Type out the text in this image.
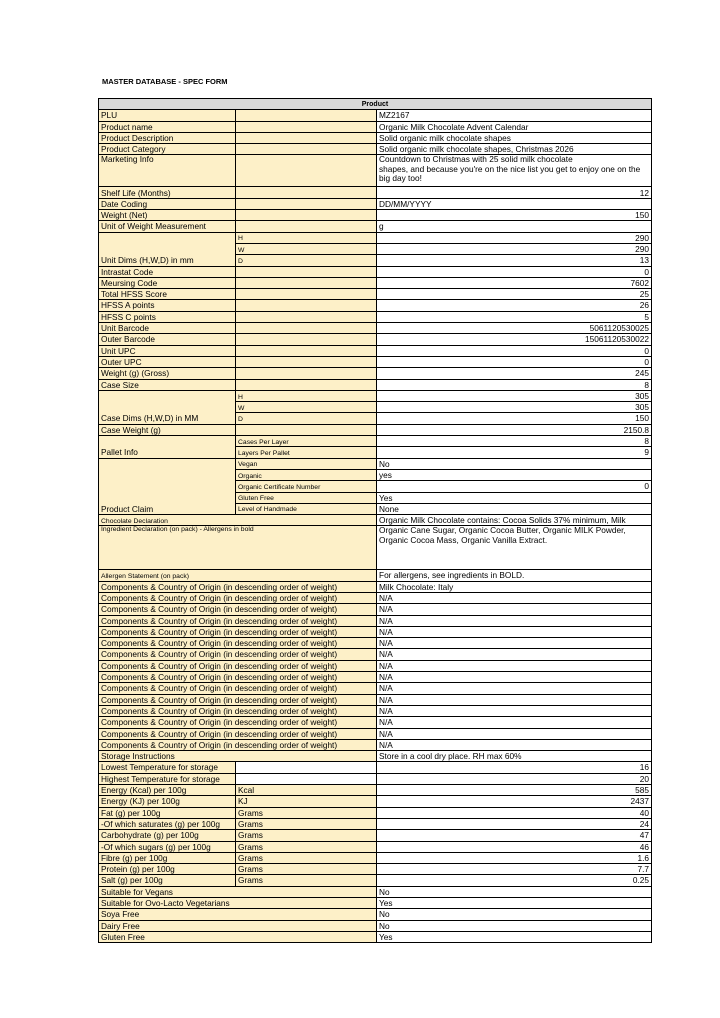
MASTER DATABASE - SPEC FORM
Product		
PLU		MZ2167
Product name		Organic Milk Chocolate Advent Calendar
Product Description		Solid organic milk chocolate shapes
Product Category		Solid organic milk chocolate shapes, Christmas 2026
Marketing Info		Countdown to Christmas with 25 solid milk chocolate
shapes, and because you're on the nice list you get to enjoy one on the
big day too!

Shelf Life (Months)		12
Date Coding		DD/MM/YYYY
Weight (Net)		150
Unit of Weight Measurement		g
Unit Dims (H,W,D) in mm	H	290
	W	290
	D	13
Intrastat Code		0
Meursing Code		7602
Total HFSS Score		25
HFSS A points		26
HFSS C points		5
Unit Barcode		5061120530025
Outer Barcode		15061120530022
Unit UPC		0
Outer UPC		0
Weight (g) (Gross)		245
Case Size		8
Case Dims (H,W,D) in MM	H	305
	W	305
	D	150
Case Weight (g)		2150.8
Pallet Info	Cases Per Layer	8
	Layers Per Pallet	9
Product Claim	Vegan	No
	Organic	yes
	Organic Certificate Number	0
	Gluten Free	Yes
	Level of Handmade	None
Chocolate Declaration		Organic Milk Chocolate contains: Cocoa Solids 37% minimum, Milk
Ingredient Declaration (on pack) - Allergens in bold		Organic Cane Sugar, Organic Cocoa Butter, Organic MILK Powder,
Organic Cocoa Mass, Organic Vanilla Extract.

Allergen Statement (on pack)		For allergens, see ingredients in BOLD.
Components & Country of Origin (in descending order of weight)		Milk Chocolate: Italy
Components & Country of Origin (in descending order of weight)		N/A
Components & Country of Origin (in descending order of weight)		N/A
Components & Country of Origin (in descending order of weight)		N/A
Components & Country of Origin (in descending order of weight)		N/A
Components & Country of Origin (in descending order of weight)		N/A
Components & Country of Origin (in descending order of weight)		N/A
Components & Country of Origin (in descending order of weight)		N/A
Components & Country of Origin (in descending order of weight)		N/A
Components & Country of Origin (in descending order of weight)		N/A
Components & Country of Origin (in descending order of weight)		N/A
Components & Country of Origin (in descending order of weight)		N/A
Components & Country of Origin (in descending order of weight)		N/A
Components & Country of Origin (in descending order of weight)		N/A
Components & Country of Origin (in descending order of weight)		N/A
Storage Instructions		Store in a cool dry place. RH max 60%
Lowest Temperature for storage		16
Highest Temperature for storage		20
Energy (Kcal) per 100g	Kcal	585
Energy (KJ) per 100g	KJ	2437
Fat (g) per 100g	Grams	40
-Of which saturates (g) per 100g	Grams	24
Carbohydrate (g) per 100g	Grams	47
-Of which sugars (g) per 100g	Grams	46
Fibre (g) per 100g	Grams	1.6
Protein (g) per 100g	Grams	7.7
Salt (g) per 100g	Grams	0.25
Suitable for Vegans		No
Suitable for Ovo-Lacto Vegetarians		Yes
Soya Free		No
Dairy Free		No
Gluten Free		Yes
